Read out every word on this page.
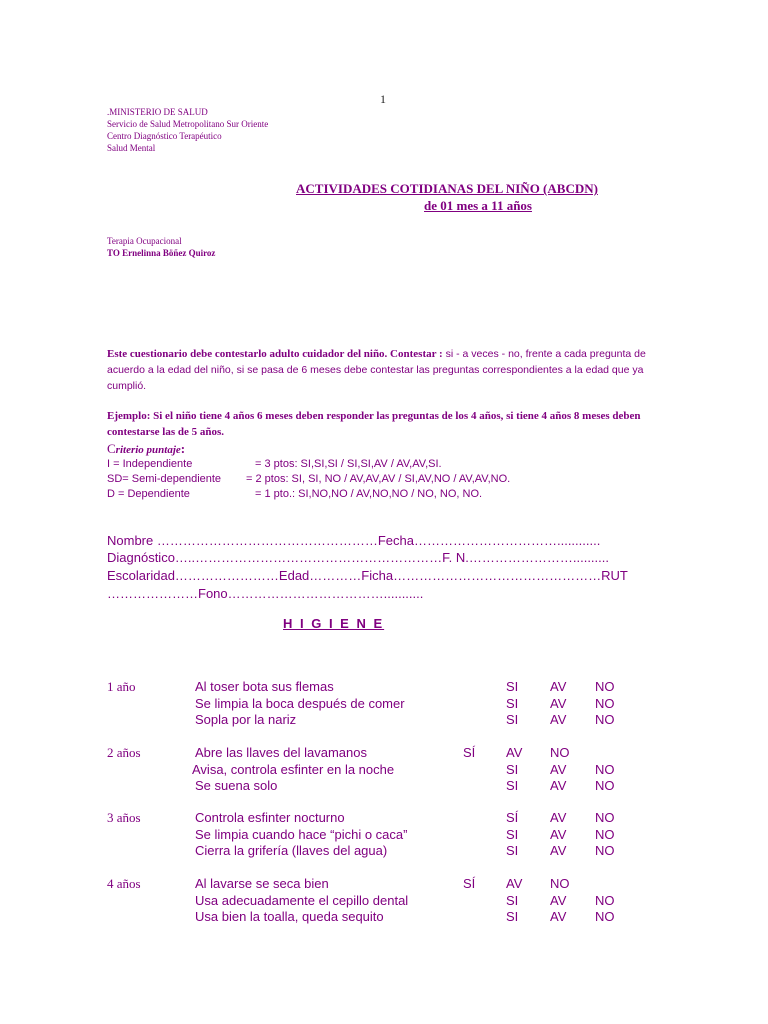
1
.MINISTERIO DE SALUD
Servicio de Salud Metropolitano Sur Oriente
Centro Diagnóstico Terapéutico
Salud Mental
ACTIVIDADES COTIDIANAS DEL NIÑO (ABCDN)
de 01 mes a 11 años
Terapia Ocupacional
TO Ernelinna Böñez Quiroz
Este cuestionario debe contestarlo adulto cuidador del niño. Contestar : si - a veces - no, frente a cada pregunta de acuerdo a la edad del niño, si se pasa de 6 meses debe contestar las preguntas correspondientes a la edad que ya cumplió.
Ejemplo: Si el niño tiene 4 años 6 meses deben responder las preguntas de los 4 años, si tiene 4 años 8 meses deben contestarse las de 5 años.
Criterio puntaje:
I = Independiente	= 3 ptos: SI,SI,SI / SI,SI,AV / AV,AV,SI.
SD= Semi-dependiente = 2 ptos: SI, SI, NO / AV,AV,AV / SI,AV,NO / AV,AV,NO.
D = Dependiente	= 1 pto.: SI,NO,NO / AV,NO,NO / NO, NO, NO.
Nombre ……………………………………………Fecha……………………………............
Diagnóstico…..…………………………………………………F. N.……………………..........
Escolaridad……………………Edad…………Ficha…………………………………………RUT
…………………Fono………………………………...........
H I G I E N E
1 año	Al toser bota sus flemas	SI AV NO
Se limpia la boca después de comer	SI AV NO
Sopla por la nariz	SI AV NO
2 años	Abre las llaves del lavamanos	SÍ AV NO
Avisa, controla esfinter en la noche	SI AV NO
Se suena solo	SI AV NO
3 años	Controla esfinter nocturno	SÍ AV NO
Se limpia cuando hace “pichi o caca”	SI AV NO
Cierra la grifería (llaves del agua)	SI AV NO
4 años	Al lavarse se seca bien	SÍ AV NO
Usa adecuadamente el cepillo dental	SI AV NO
Usa bien la toalla, queda sequito	SI AV NO
